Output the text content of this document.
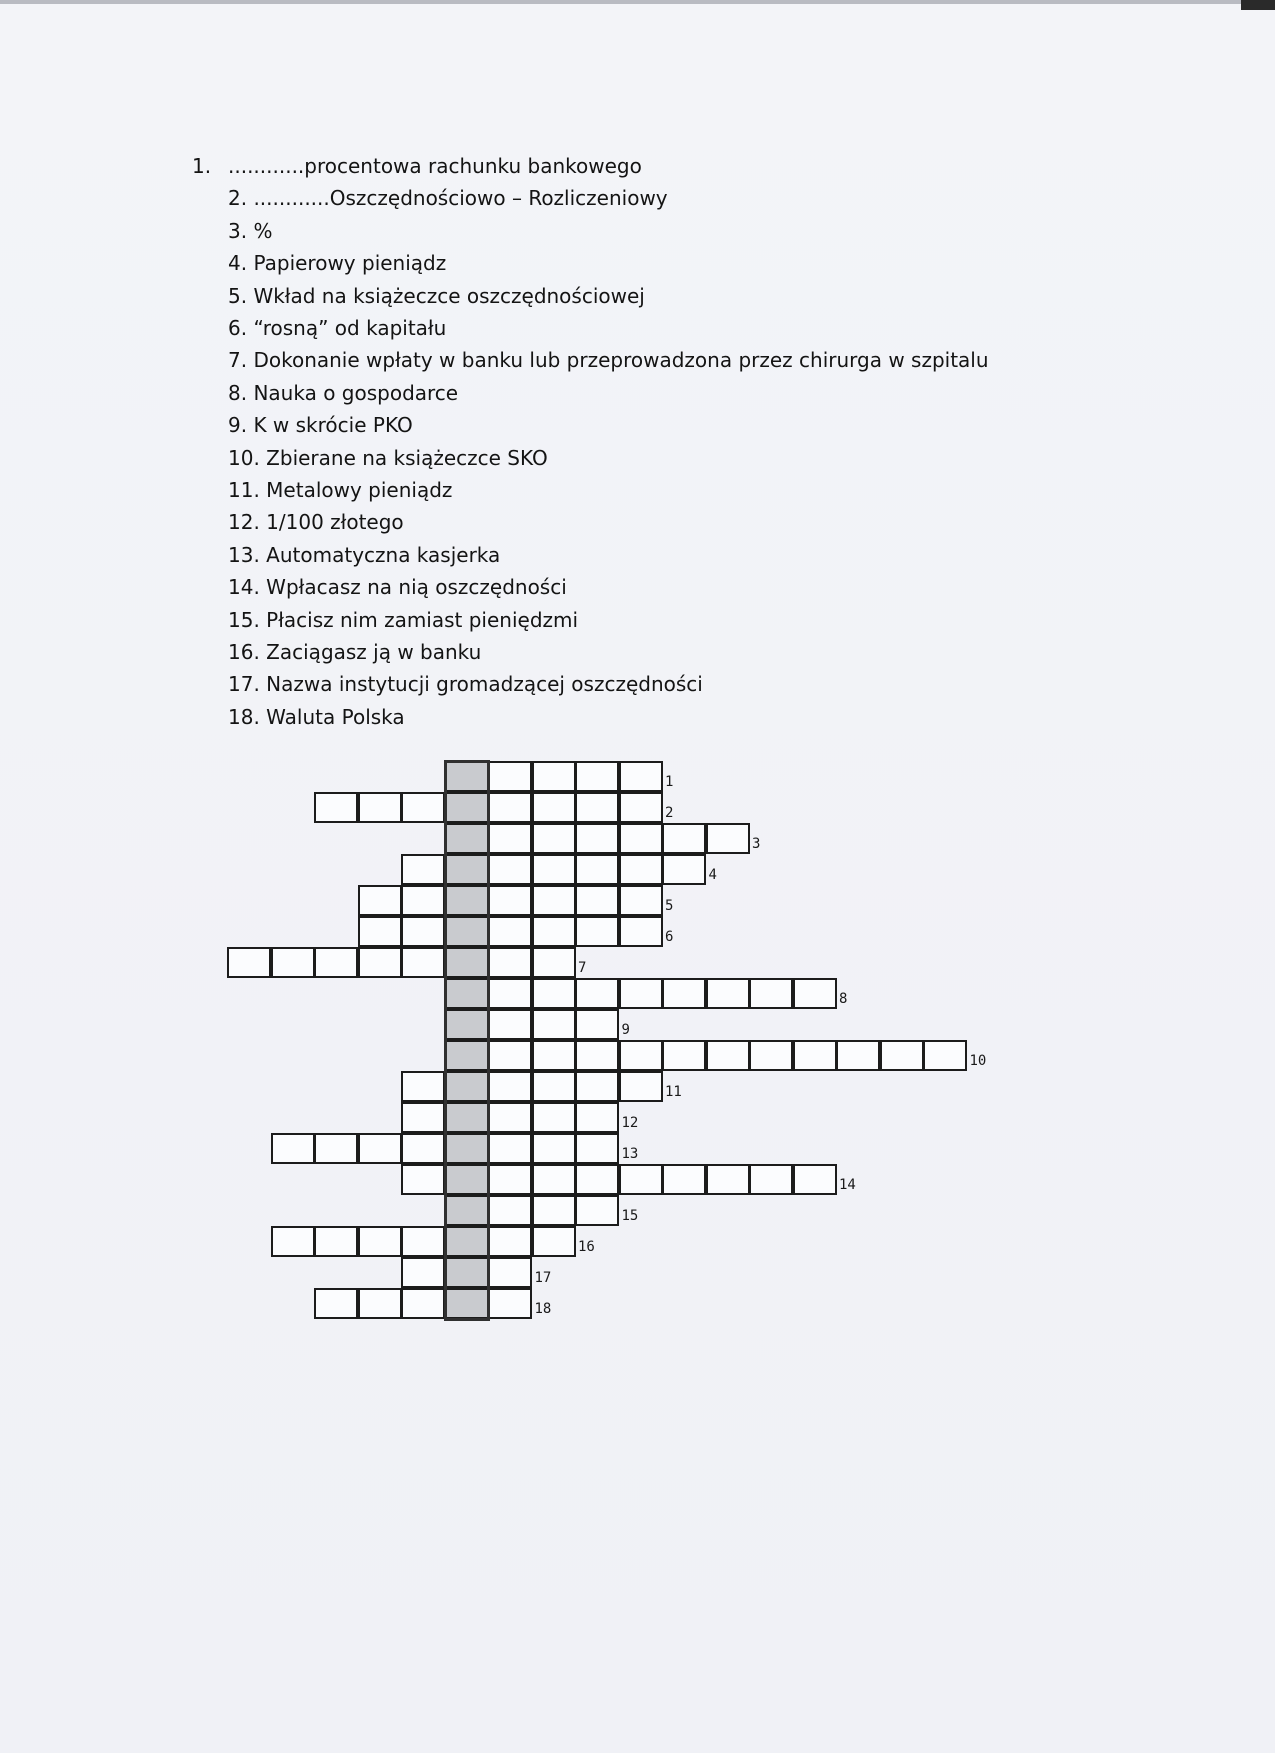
1. ............procentowa rachunku bankowego
2. ............Oszczędnościowo – Rozliczeniowy
3. %
4. Papierowy pieniądz
5. Wkład na książeczce oszczędnościowej
6. “rosną” od kapitału
7. Dokonanie wpłaty w banku lub przeprowadzona przez chirurga w szpitalu
8. Nauka o gospodarce
9. K w skrócie PKO
10. Zbierane na książeczce SKO
11. Metalowy pieniądz
12. 1/100 złotego
13. Automatyczna kasjerka
14. Wpłacasz na nią oszczędności
15. Płacisz nim zamiast pieniędzmi
16. Zaciągasz ją w banku
17. Nazwa instytucji gromadzącej oszczędności
18. Waluta Polska
1
2
3
4
5
6
7
8
9
10
11
12
13
14
15
16
17
18
